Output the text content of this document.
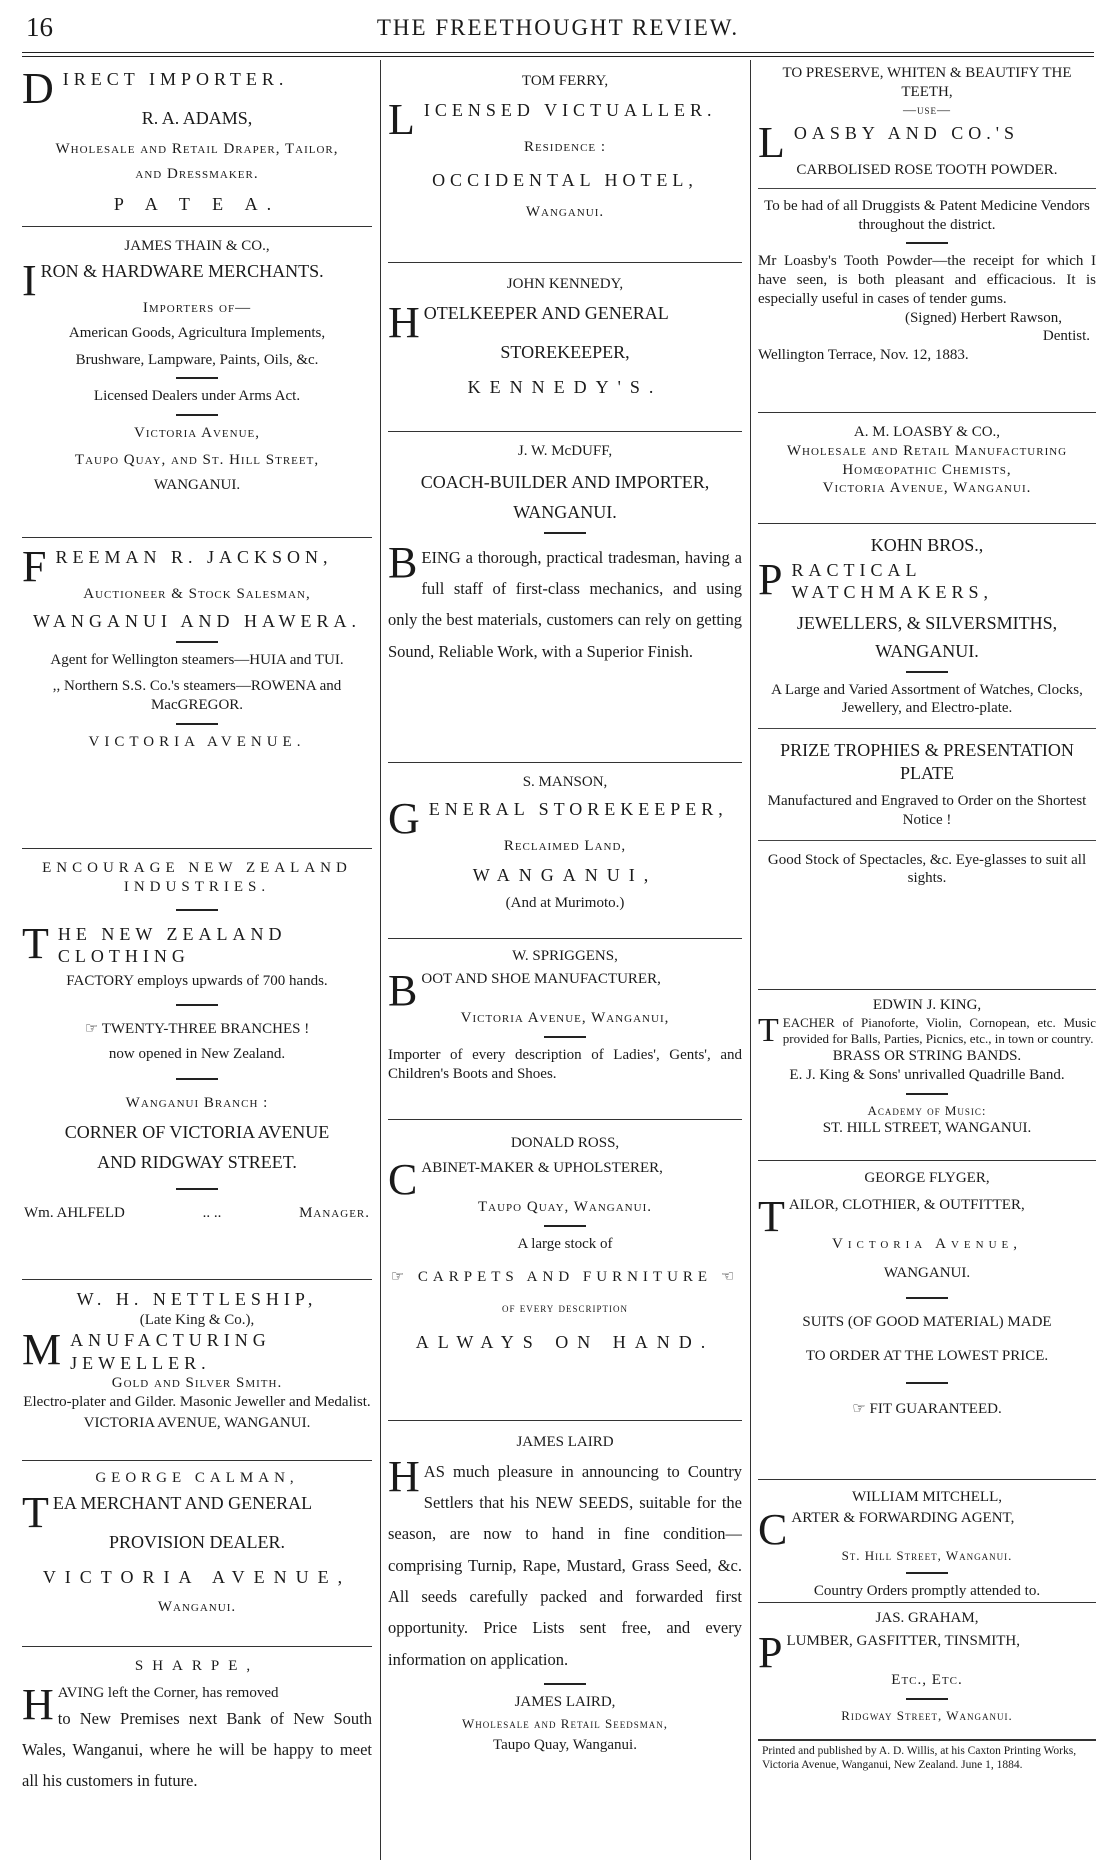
16	THE FREETHOUGHT REVIEW.

DIRECT IMPORTER.

R. A. ADAMS,

Wholesale and Retail Draper, Tailor,

and Dressmaker.

P A T E A.

JAMES THAIN & CO.,

IRON & HARDWARE MERCHANTS.

Importers of—

American Goods, Agricultura Implements,

Brushware, Lampware, Paints, Oils, &c.

Licensed Dealers under Arms Act.

Victoria Avenue,

Taupo Quay, and St. Hill Street,

WANGANUI.

FREEMAN R. JACKSON,

Auctioneer & Stock Salesman,

WANGANUI AND HAWERA.

Agent for Wellington steamers—HUIA and TUI.

,, Northern S.S. Co.'s steamers—ROWENA and MacGREGOR.

VICTORIA AVENUE.

ENCOURAGE NEW ZEALAND INDUSTRIES.

THE NEW ZEALAND CLOTHING

FACTORY employs upwards of 700 hands.

☞ TWENTY-THREE BRANCHES !

now opened in New Zealand.

Wanganui Branch :

CORNER OF VICTORIA AVENUE

AND RIDGWAY STREET.

Wm. AHLFELD	.. ..	Manager.

W. H. NETTLESHIP,

(Late King & Co.),

MANUFACTURING JEWELLER.

Gold and Silver Smith.

Electro-plater and Gilder. Masonic Jeweller and Medalist.

VICTORIA AVENUE, WANGANUI.

GEORGE CALMAN,

TEA MERCHANT AND GENERAL

PROVISION DEALER.

VICTORIA AVENUE,

Wanganui.

SHARPE,

HAVING left the Corner, has removed

to New Premises next Bank of New South Wales, Wanganui, where he will be happy to meet all his customers in future.

TOM FERRY,

LICENSED VICTUALLER.

Residence :

OCCIDENTAL HOTEL,

Wanganui.

JOHN KENNEDY,

HOTELKEEPER AND GENERAL

STOREKEEPER,

KENNEDY'S.

J. W. McDUFF,

COACH-BUILDER AND IMPORTER,

WANGANUI.

BEING a thorough, practical tradesman, having a full staff of first-class mechanics, and using only the best materials, customers can rely on getting Sound, Reliable Work, with a Superior Finish.

S. MANSON,

GENERAL STOREKEEPER,

Reclaimed Land,

WANGANUI,

(And at Murimoto.)

W. SPRIGGENS,

BOOT AND SHOE MANUFACTURER,

Victoria Avenue, Wanganui,

Importer of every description of Ladies', Gents', and Children's Boots and Shoes.

DONALD ROSS,

CABINET-MAKER & UPHOLSTERER,

Taupo Quay, Wanganui.

A large stock of

☞ CARPETS AND FURNITURE ☜

of every description

ALWAYS ON HAND.

JAMES LAIRD

HAS much pleasure in announcing to Country Settlers that his NEW SEEDS, suitable for the season, are now to hand in fine condition—comprising Turnip, Rape, Mustard, Grass Seed, &c. All seeds carefully packed and forwarded first opportunity. Price Lists sent free, and every information on application.

JAMES LAIRD,

Wholesale and Retail Seedsman,

Taupo Quay, Wanganui.

TO PRESERVE, WHITEN & BEAUTIFY THE TEETH,

—use—

LOASBY AND CO.'S

CARBOLISED ROSE TOOTH POWDER.

To be had of all Druggists & Patent Medicine Vendors throughout the district.

Mr Loasby's Tooth Powder—the receipt for which I have seen, is both pleasant and efficacious. It is especially useful in cases of tender gums.

(Signed) Herbert Rawson,

Dentist.

Wellington Terrace, Nov. 12, 1883.

A. M. LOASBY & CO.,

Wholesale and Retail Manufacturing

Homœopathic Chemists,

Victoria Avenue, Wanganui.

KOHN BROS.,

PRACTICAL WATCHMAKERS,

JEWELLERS, & SILVERSMITHS,

WANGANUI.

A Large and Varied Assortment of Watches, Clocks, Jewellery, and Electro-plate.

PRIZE TROPHIES & PRESENTATION PLATE

Manufactured and Engraved to Order on the Shortest Notice !

Good Stock of Spectacles, &c. Eye-glasses to suit all sights.

EDWIN J. KING,

TEACHER of Pianoforte, Violin, Cornopean, etc. Music provided for Balls, Parties, Picnics, etc., in town or country.

BRASS OR STRING BANDS.

E. J. King & Sons' unrivalled Quadrille Band.

Academy of Music:

ST. HILL STREET, WANGANUI.

GEORGE FLYGER,

TAILOR, CLOTHIER, & OUTFITTER,

Victoria Avenue,

WANGANUI.

SUITS (OF GOOD MATERIAL) MADE

TO ORDER AT THE LOWEST PRICE.

☞ FIT GUARANTEED.

WILLIAM MITCHELL,

CARTER & FORWARDING AGENT,

St. Hill Street, Wanganui.

Country Orders promptly attended to.

JAS. GRAHAM,

PLUMBER, GASFITTER, TINSMITH,

Etc., Etc.

Ridgway Street, Wanganui.

Printed and published by A. D. Willis, at his Caxton Printing Works, Victoria Avenue, Wanganui, New Zealand. June 1, 1884.
